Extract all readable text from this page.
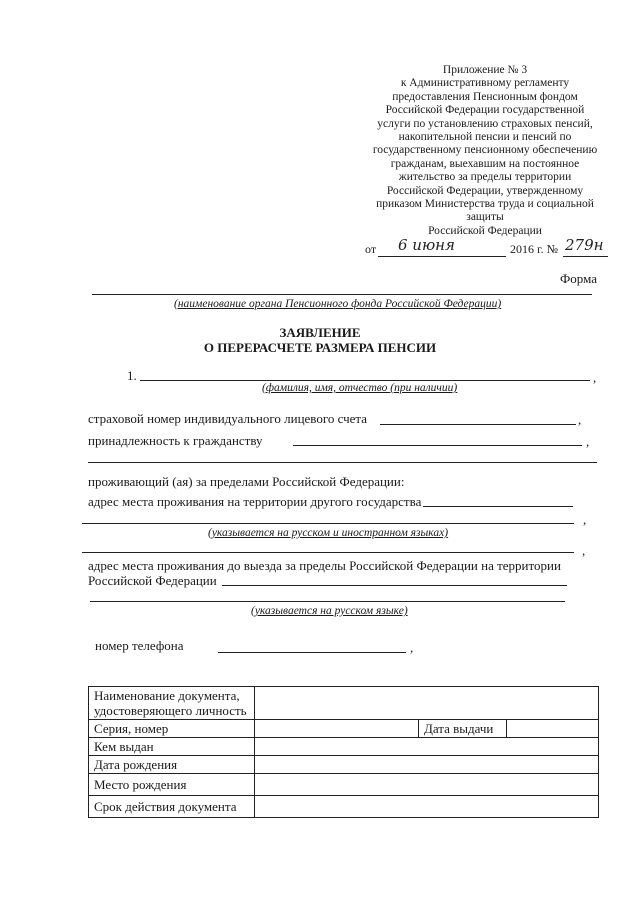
Приложение № 3
к Административному регламенту
предоставления Пенсионным фондом
Российской Федерации государственной
услуги по установлению страховых пенсий,
накопительной пенсии и пенсий по
государственному пенсионному обеспечению
гражданам, выехавшим на постоянное
жительство за пределы территории
Российской Федерации, утвержденному
приказом Министерства труда и социальной
защиты
Российской Федерации
от 6 июня	2016 г. № 279н
Форма
(наименование органа Пенсионного фонда Российской Федерации)
ЗАЯВЛЕНИЕ
О ПЕРЕРАСЧЕТЕ РАЗМЕРА ПЕНСИИ
1.	,
(фамилия, имя, отчество (при наличии)
страховой номер индивидуального лицевого счета	,
принадлежность к гражданству	,
проживающий (ая) за пределами Российской Федерации:
адрес места проживания на территории другого государства
,
(указывается на русском и иностранном языках)
,
адрес места проживания до выезда за пределы Российской Федерации на территории
Российской Федерации
(указывается на русском языке)
номер телефона	,
Наименование документа, удостоверяющего личность			
Серия, номер		Дата выдачи	
Кем выдан			
Дата рождения			
Место рождения			
Срок действия документа			
